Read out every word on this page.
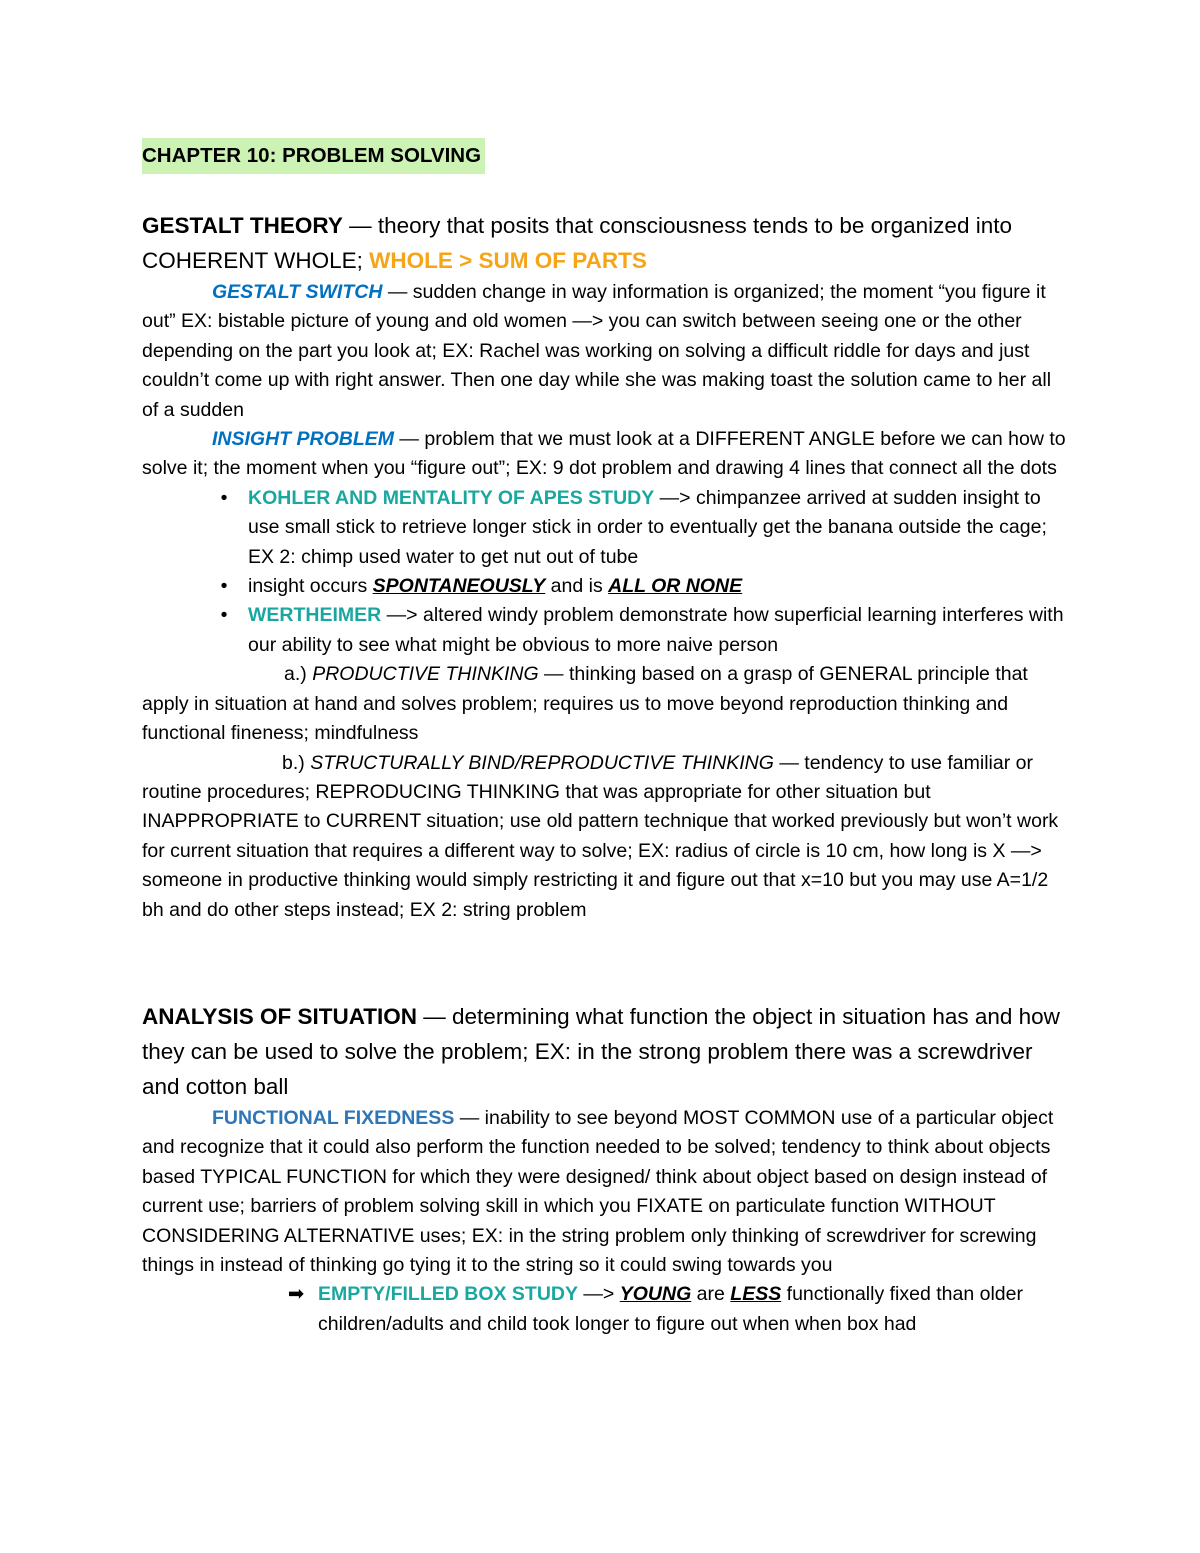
CHAPTER 10: PROBLEM SOLVING

GESTALT THEORY — theory that posits that consciousness tends to be organized into COHERENT WHOLE; WHOLE > SUM OF PARTS

GESTALT SWITCH — sudden change in way information is organized; the moment “you figure it out” EX: bistable picture of young and old women —> you can switch between seeing one or the other depending on the part you look at; EX: Rachel was working on solving a difficult riddle for days and just couldn’t come up with right answer. Then one day while she was making toast the solution came to her all of a sudden

INSIGHT PROBLEM — problem that we must look at a DIFFERENT ANGLE before we can how to solve it; the moment when you “figure out”; EX: 9 dot problem and drawing 4 lines that connect all the dots

•	KOHLER AND MENTALITY OF APES STUDY —> chimpanzee arrived at sudden insight to use small stick to retrieve longer stick in order to eventually get the banana outside the cage; EX 2: chimp used water to get nut out of tube
•	insight occurs SPONTANEOUSLY and is ALL OR NONE
•	WERTHEIMER —> altered windy problem demonstrate how superficial learning interferes with our ability to see what might be obvious to more naive person

a.) PRODUCTIVE THINKING — thinking based on a grasp of GENERAL principle that apply in situation at hand and solves problem; requires us to move beyond reproduction thinking and functional fineness; mindfulness

b.) STRUCTURALLY BIND/REPRODUCTIVE THINKING — tendency to use familiar or routine procedures; REPRODUCING THINKING that was appropriate for other situation but INAPPROPRIATE to CURRENT situation; use old pattern technique that worked previously but won’t work for current situation that requires a different way to solve; EX: radius of circle is 10 cm, how long is X —> someone in productive thinking would simply restricting it and figure out that x=10 but you may use A=1/2 bh and do other steps instead; EX 2: string problem

ANALYSIS OF SITUATION — determining what function the object in situation has and how they can be used to solve the problem; EX: in the strong problem there was a screwdriver and cotton ball

FUNCTIONAL FIXEDNESS — inability to see beyond MOST COMMON use of a particular object and recognize that it could also perform the function needed to be solved; tendency to think about objects based TYPICAL FUNCTION for which they were designed/ think about object based on design instead of current use; barriers of problem solving skill in which you FIXATE on particulate function WITHOUT CONSIDERING ALTERNATIVE uses; EX: in the string problem only thinking of screwdriver for screwing things in instead of thinking go tying it to the string so it could swing towards you

➡ EMPTY/FILLED BOX STUDY —> YOUNG are LESS functionally fixed than older children/adults and child took longer to figure out when when box had
